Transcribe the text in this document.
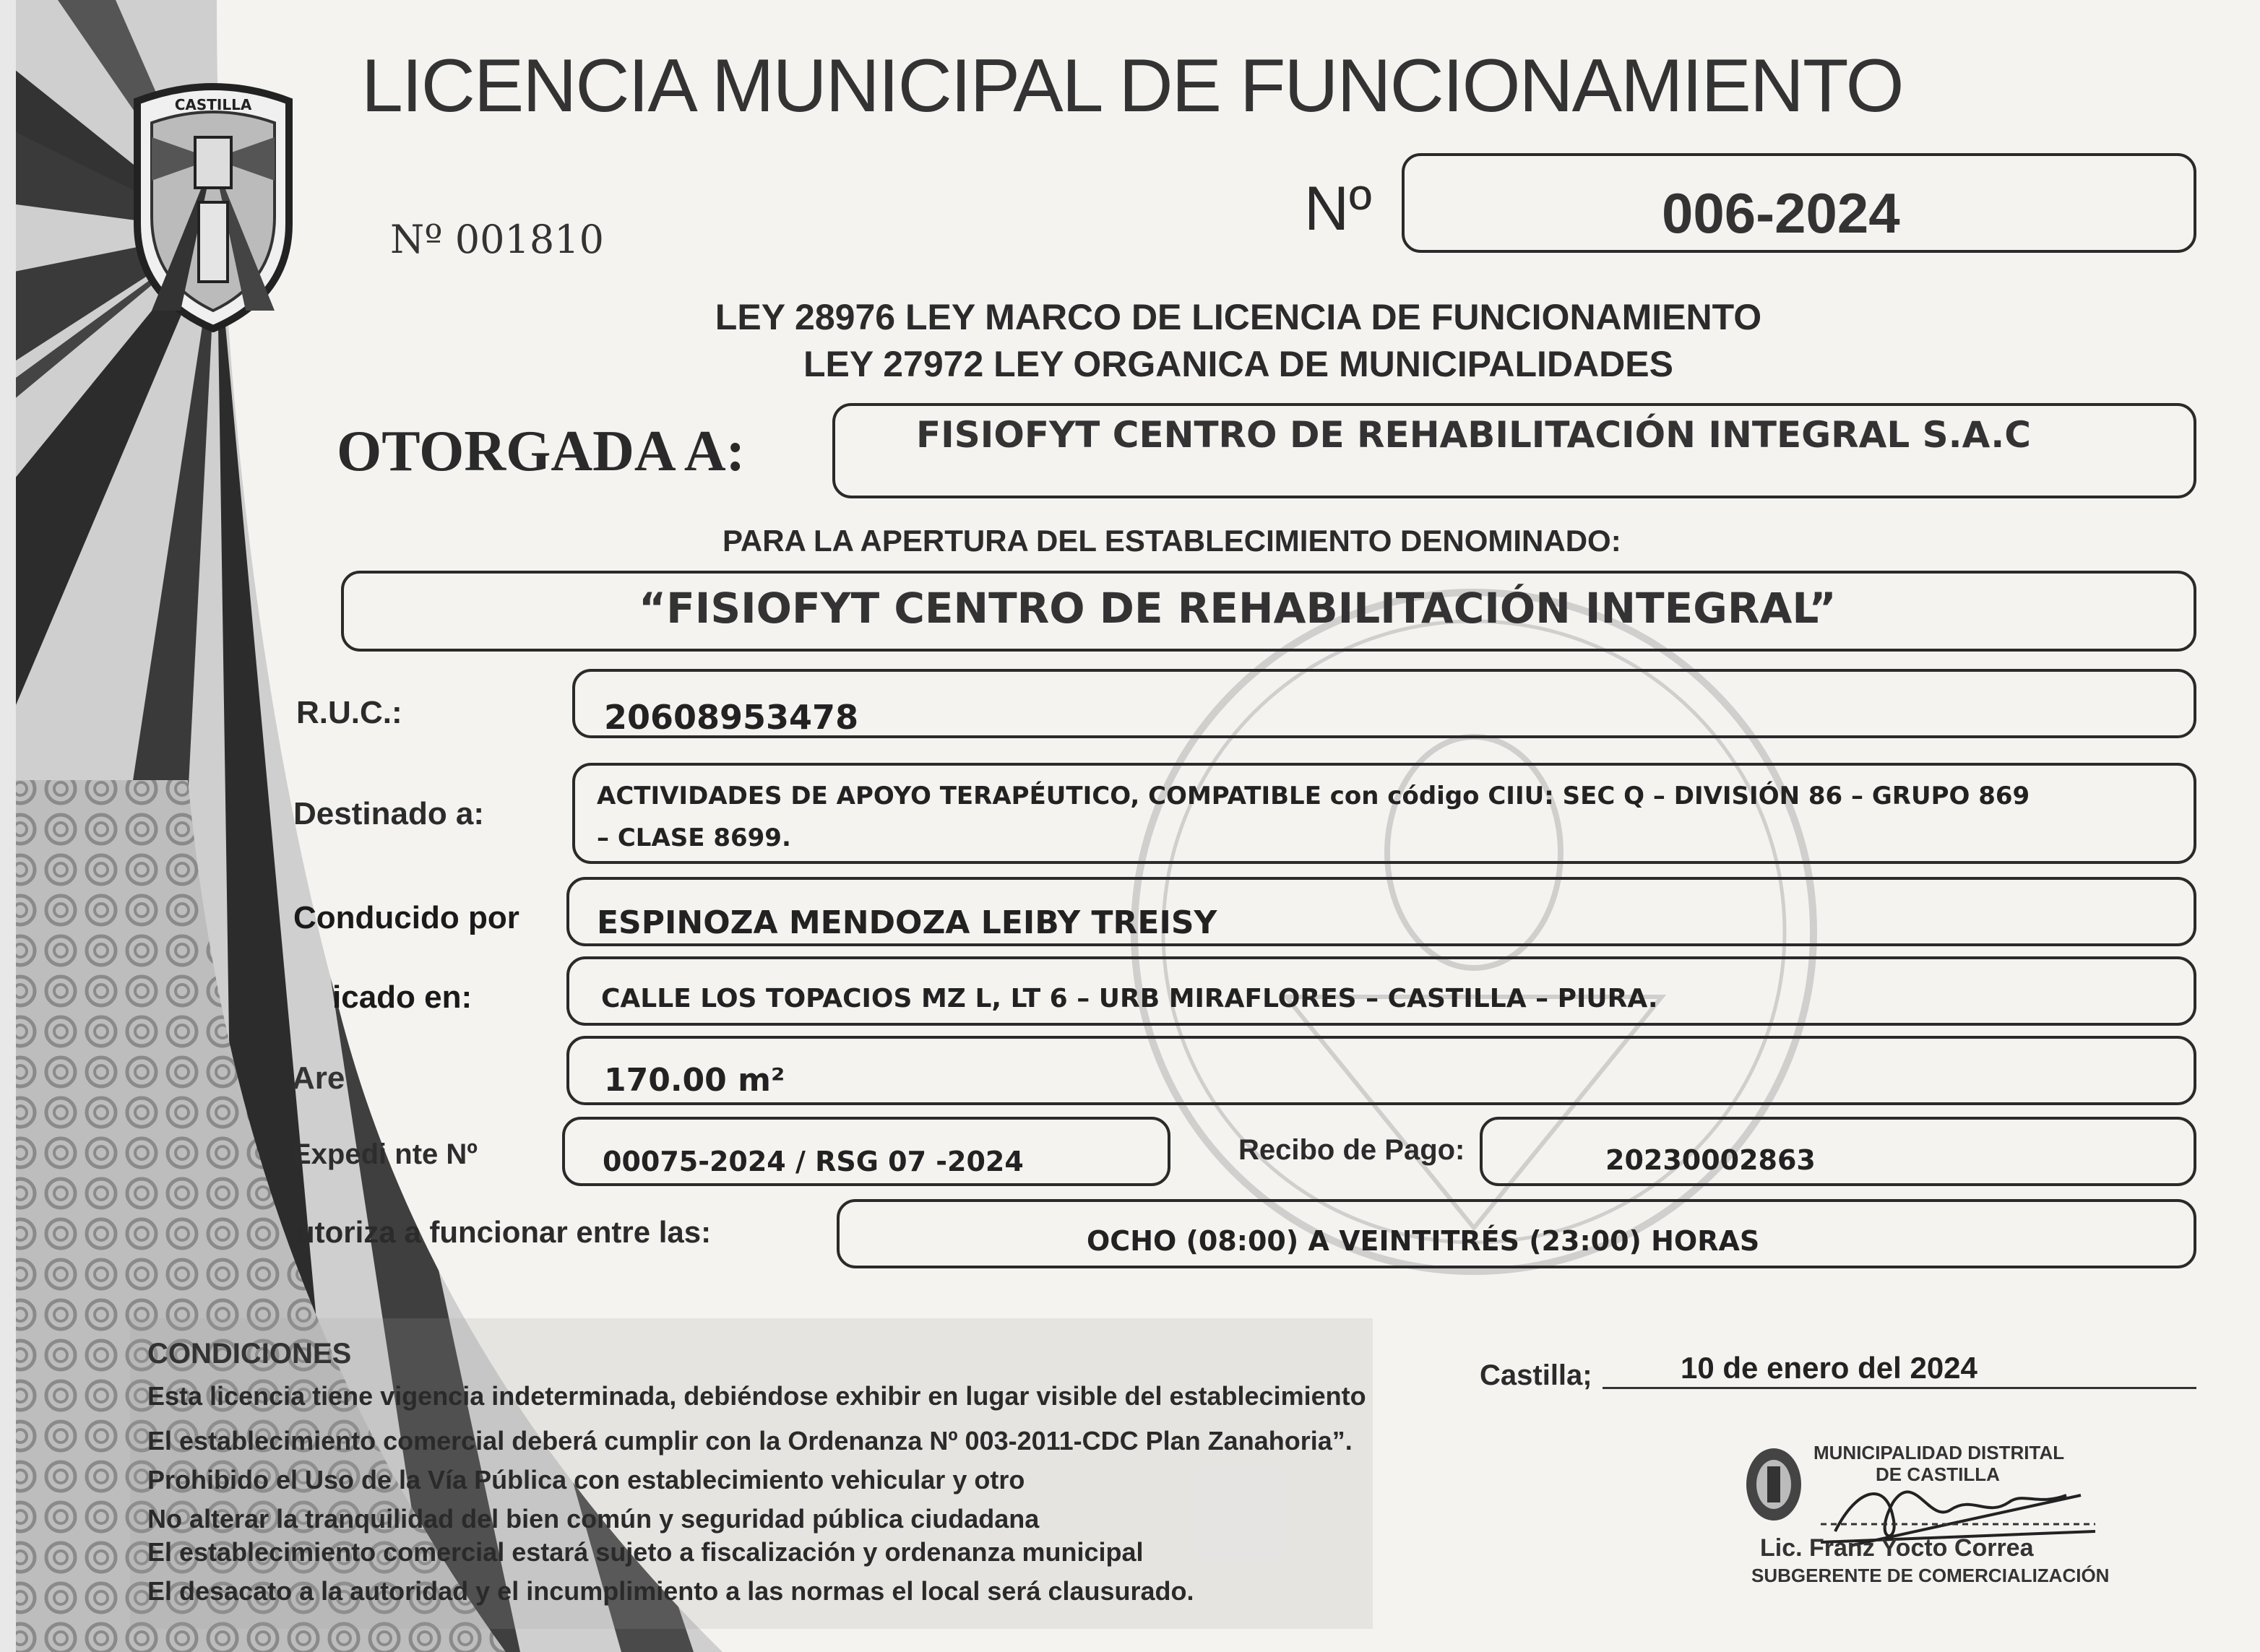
CASTILLA LICENCIA MUNICIPAL DE FUNCIONAMIENTO
Nº 001810	Nº	006-2024
LEY 28976 LEY MARCO DE LICENCIA DE FUNCIONAMIENTO
LEY 27972 LEY ORGANICA DE MUNICIPALIDADES
OTORGADA A:	FISIOFYT CENTRO DE REHABILITACIÓN INTEGRAL S.A.C
PARA LA APERTURA DEL ESTABLECIMIENTO DENOMINADO:
“FISIOFYT CENTRO DE REHABILITACIÓN INTEGRAL”
R.U.C.:	20608953478
Destinado a:	ACTIVIDADES DE APOYO TERAPÉUTICO, COMPATIBLE con código CIIU: SEC Q – DIVISIÓN 86 – GRUPO 869
– CLASE 8699.
Conducido por ESPINOZA MENDOZA LEIBY TREISY
icado en:	CALLE LOS TOPACIOS MZ L, LT 6 – URB MIRAFLORES – CASTILLA – PIURA.
Are	170.00 m²
Expedi nte Nº	00075-2024 / RSG 07 -2024	Recibo de Pago:	20230002863
utoriza a funcionar entre las:	OCHO (08:00) A VEINTITRÉS (23:00) HORAS
CONDICIONES
Esta licencia tiene vigencia indeterminada, debiéndose exhibir en lugar visible del establecimiento
El establecimiento comercial deberá cumplir con la Ordenanza Nº 003-2011-CDC Plan Zanahoria”.
Prohibido el Uso de la Vía Pública con establecimiento vehicular y otro
No alterar la tranquilidad del bien común y seguridad pública ciudadana
El establecimiento comercial estará sujeto a fiscalización y ordenanza municipal
El desacato a la autoridad y el incumplimiento a las normas el local será clausurado.
Castilla;	10 de enero del 2024
MUNICIPALIDAD DISTRITAL
DE CASTILLA
Lic. Franz Yocto Correa
SUBGERENTE DE COMERCIALIZACIÓN
